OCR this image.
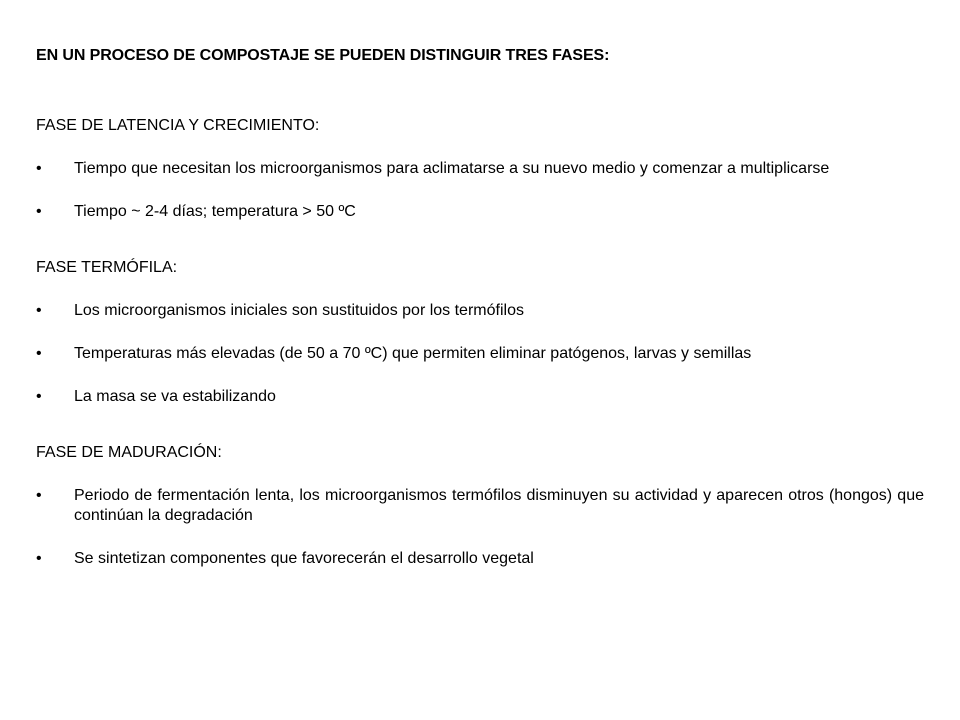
EN UN PROCESO DE COMPOSTAJE SE PUEDEN DISTINGUIR TRES FASES:
FASE DE LATENCIA Y CRECIMIENTO:
•	Tiempo que necesitan los microorganismos para aclimatarse a su nuevo medio y comenzar a multiplicarse
•	Tiempo ~ 2-4 días; temperatura > 50 ºC
FASE TERMÓFILA:
•	Los microorganismos iniciales son sustituidos por los termófilos
•	Temperaturas más elevadas (de 50 a 70 ºC) que permiten eliminar patógenos, larvas y semillas
•	La masa se va estabilizando
FASE DE MADURACIÓN:
•	Periodo de fermentación lenta, los microorganismos termófilos disminuyen su actividad y aparecen otros (hongos) que continúan la degradación
•	Se sintetizan componentes que favorecerán el desarrollo vegetal
